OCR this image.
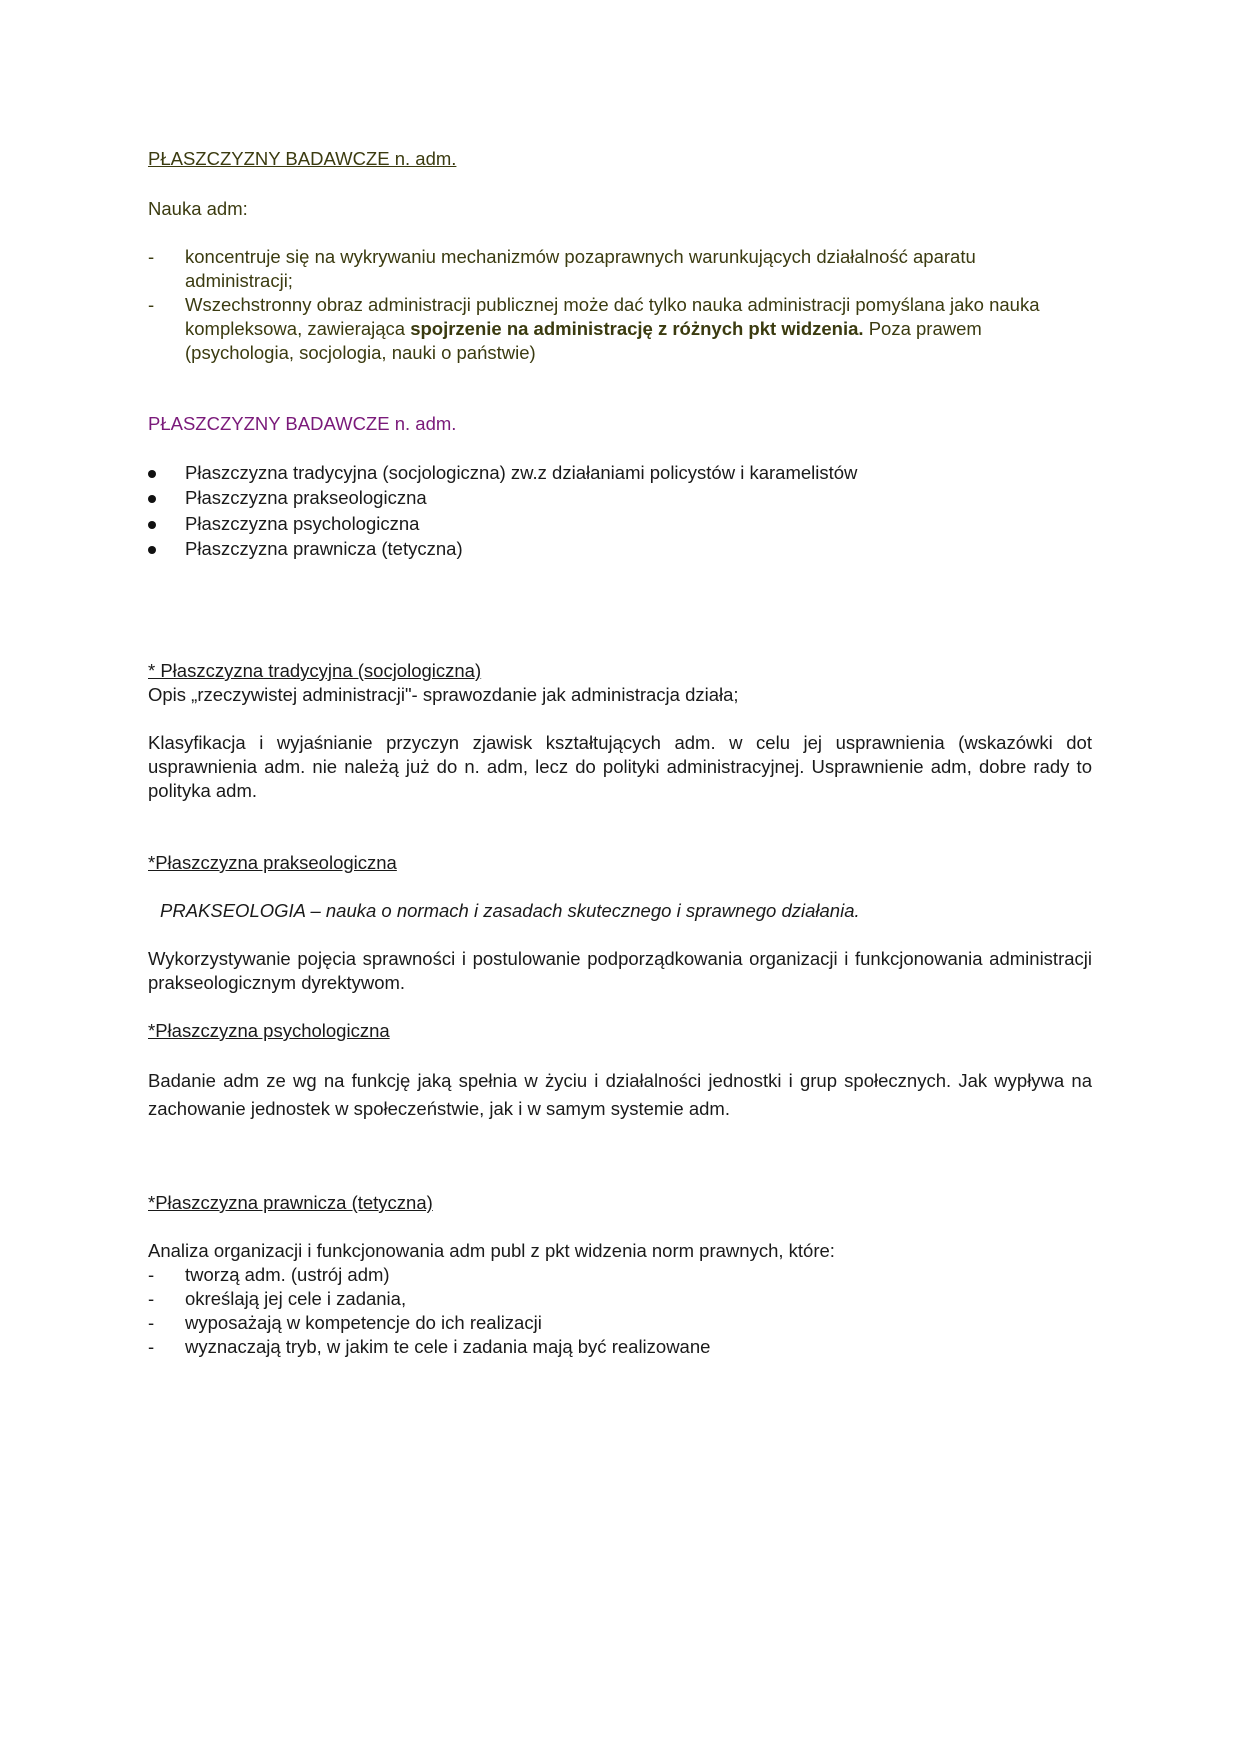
PŁASZCZYZNY BADAWCZE n. adm.

Nauka adm:

- koncentruje się na wykrywaniu mechanizmów pozaprawnych warunkujących działalność aparatu administracji;

- Wszechstronny obraz administracji publicznej może dać tylko nauka administracji pomyślana jako nauka kompleksowa, zawierająca spojrzenie na administrację z różnych pkt widzenia. Poza prawem (psychologia, socjologia, nauki o państwie)

PŁASZCZYZNY BADAWCZE n. adm.

Płaszczyzna tradycyjna (socjologiczna) zw.z działaniami policystów i karamelistów

Płaszczyzna prakseologiczna

Płaszczyzna psychologiczna

Płaszczyzna prawnicza (tetyczna)

* Płaszczyzna tradycyjna (socjologiczna)

Opis „rzeczywistej administracji"- sprawozdanie jak administracja działa;

Klasyfikacja i wyjaśnianie przyczyn zjawisk kształtujących adm. w celu jej usprawnienia (wskazówki dot usprawnienia adm. nie należą już do n. adm, lecz do polityki administracyjnej. Usprawnienie adm, dobre rady to polityka adm.

*Płaszczyzna prakseologiczna

PRAKSEOLOGIA – nauka o normach i zasadach skutecznego i sprawnego działania.

Wykorzystywanie pojęcia sprawności i postulowanie podporządkowania organizacji i funkcjonowania administracji prakseologicznym dyrektywom.

*Płaszczyzna psychologiczna

Badanie adm ze wg na funkcję jaką spełnia w życiu i działalności jednostki i grup społecznych. Jak wypływa na zachowanie jednostek w społeczeństwie, jak i w samym systemie adm.

*Płaszczyzna prawnicza (tetyczna)

Analiza organizacji i funkcjonowania adm publ z pkt widzenia norm prawnych, które:

- tworzą adm. (ustrój adm)

- określają jej cele i zadania,

- wyposażają w kompetencje do ich realizacji

- wyznaczają tryb, w jakim te cele i zadania mają być realizowane
